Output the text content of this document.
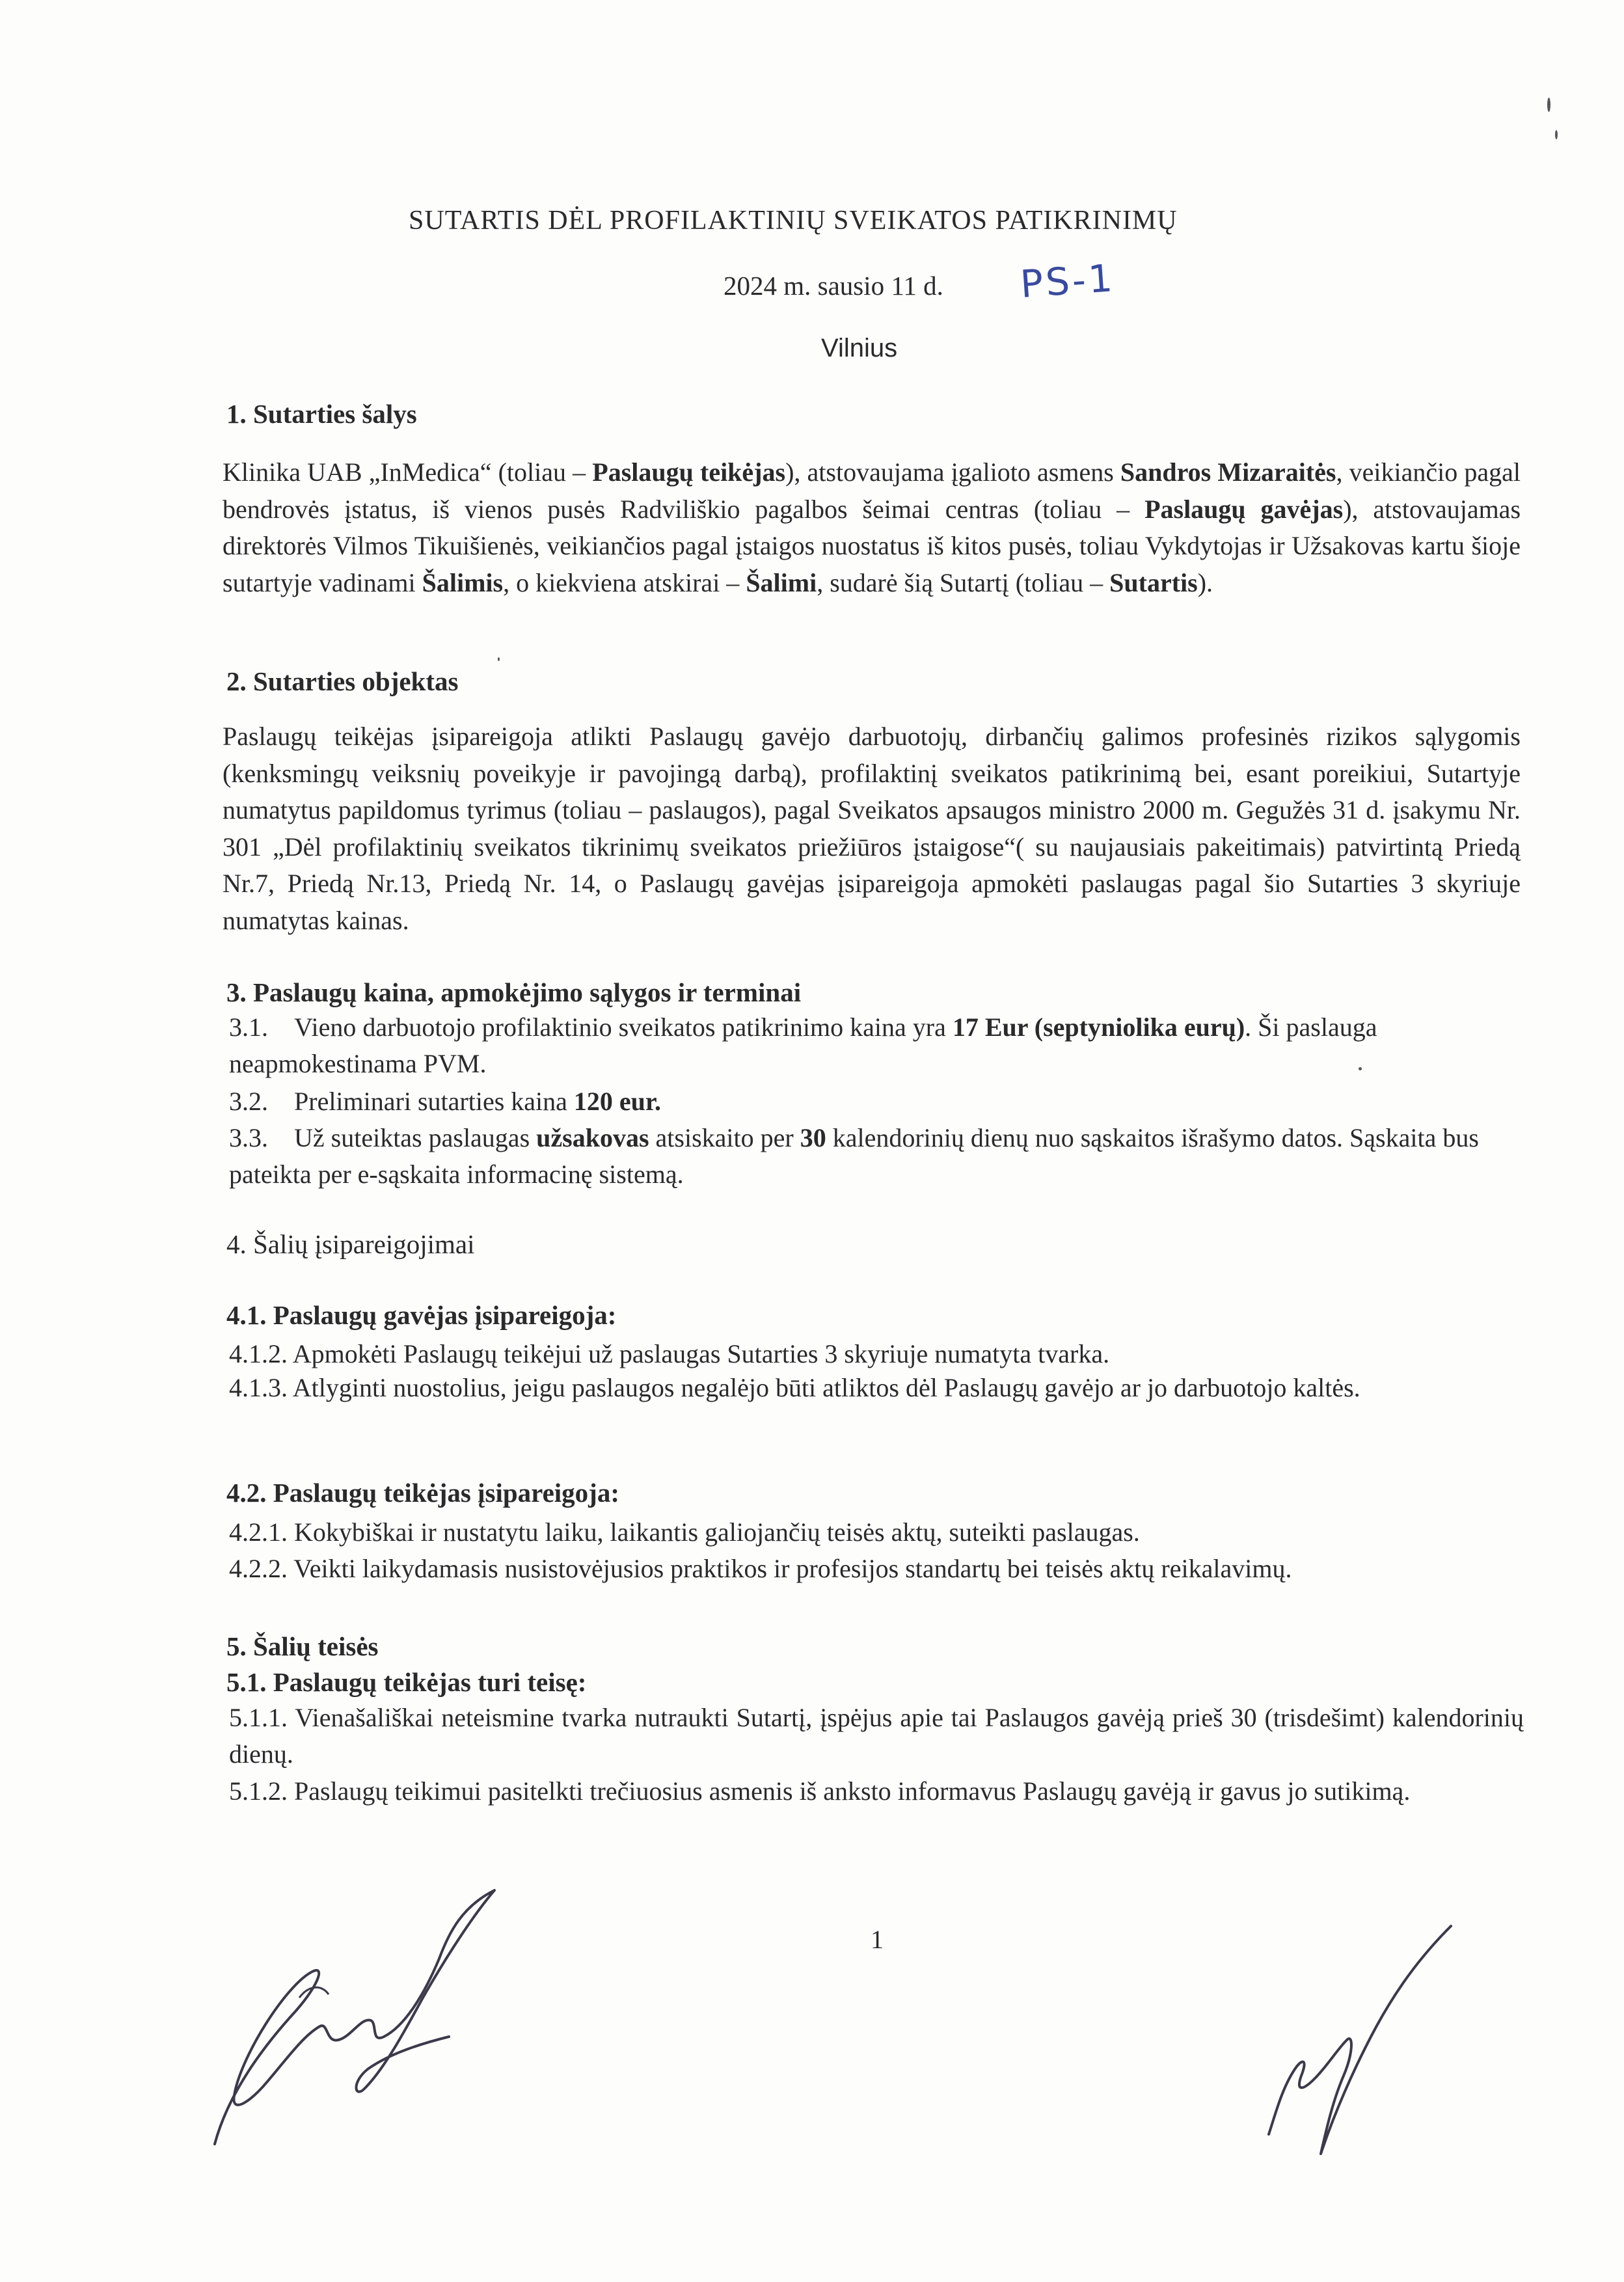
SUTARTIS DĖL PROFILAKTINIŲ SVEIKATOS PATIKRINIMŲ
2024 m. sausio 11 d. PS-1
Vilnius
1. Sutarties šalys
Klinika UAB „InMedica“ (toliau – Paslaugų teikėjas), atstovaujama įgalioto asmens Sandros Mizaraitės, veikiančio pagal bendrovės įstatus, iš vienos pusės Radviliškio pagalbos šeimai centras (toliau – Paslaugų gavėjas), atstovaujamas direktorės Vilmos Tikuišienės, veikiančios pagal įstaigos nuostatus iš kitos pusės, toliau Vykdytojas ir Užsakovas kartu šioje sutartyje vadinami Šalimis, o kiekviena atskirai – Šalimi, sudarė šią Sutartį (toliau – Sutartis).
2. Sutarties objektas
Paslaugų teikėjas įsipareigoja atlikti Paslaugų gavėjo darbuotojų, dirbančių galimos profesinės rizikos sąlygomis (kenksmingų veiksnių poveikyje ir pavojingą darbą), profilaktinį sveikatos patikrinimą bei, esant poreikiui, Sutartyje numatytus papildomus tyrimus (toliau – paslaugos), pagal Sveikatos apsaugos ministro 2000 m. Gegužės 31 d. įsakymu Nr. 301 „Dėl profilaktinių sveikatos tikrinimų sveikatos priežiūros įstaigose“( su naujausiais pakeitimais) patvirtintą Priedą Nr.7, Priedą Nr.13, Priedą Nr. 14, o Paslaugų gavėjas įsipareigoja apmokėti paslaugas pagal šio Sutarties 3 skyriuje numatytas kainas.
3. Paslaugų kaina, apmokėjimo sąlygos ir terminai
3.1. Vieno darbuotojo profilaktinio sveikatos patikrinimo kaina yra 17 Eur (septyniolika eurų). Ši paslauga neapmokestinama PVM.
3.2. Preliminari sutarties kaina 120 eur.
3.3. Už suteiktas paslaugas užsakovas atsiskaito per 30 kalendorinių dienų nuo sąskaitos išrašymo datos. Sąskaita bus pateikta per e-sąskaita informacinę sistemą.
4. Šalių įsipareigojimai
4.1. Paslaugų gavėjas įsipareigoja:
4.1.2. Apmokėti Paslaugų teikėjui už paslaugas Sutarties 3 skyriuje numatyta tvarka.
4.1.3. Atlyginti nuostolius, jeigu paslaugos negalėjo būti atliktos dėl Paslaugų gavėjo ar jo darbuotojo kaltės.
4.2. Paslaugų teikėjas įsipareigoja:
4.2.1. Kokybiškai ir nustatytu laiku, laikantis galiojančių teisės aktų, suteikti paslaugas.
4.2.2. Veikti laikydamasis nusistovėjusios praktikos ir profesijos standartų bei teisės aktų reikalavimų.
5. Šalių teisės
5.1. Paslaugų teikėjas turi teisę:
5.1.1. Vienašališkai neteismine tvarka nutraukti Sutartį, įspėjus apie tai Paslaugos gavėją prieš 30 (trisdešimt) kalendorinių dienų.
5.1.2. Paslaugų teikimui pasitelkti trečiuosius asmenis iš anksto informavus Paslaugų gavėją ir gavus jo sutikimą.
1
